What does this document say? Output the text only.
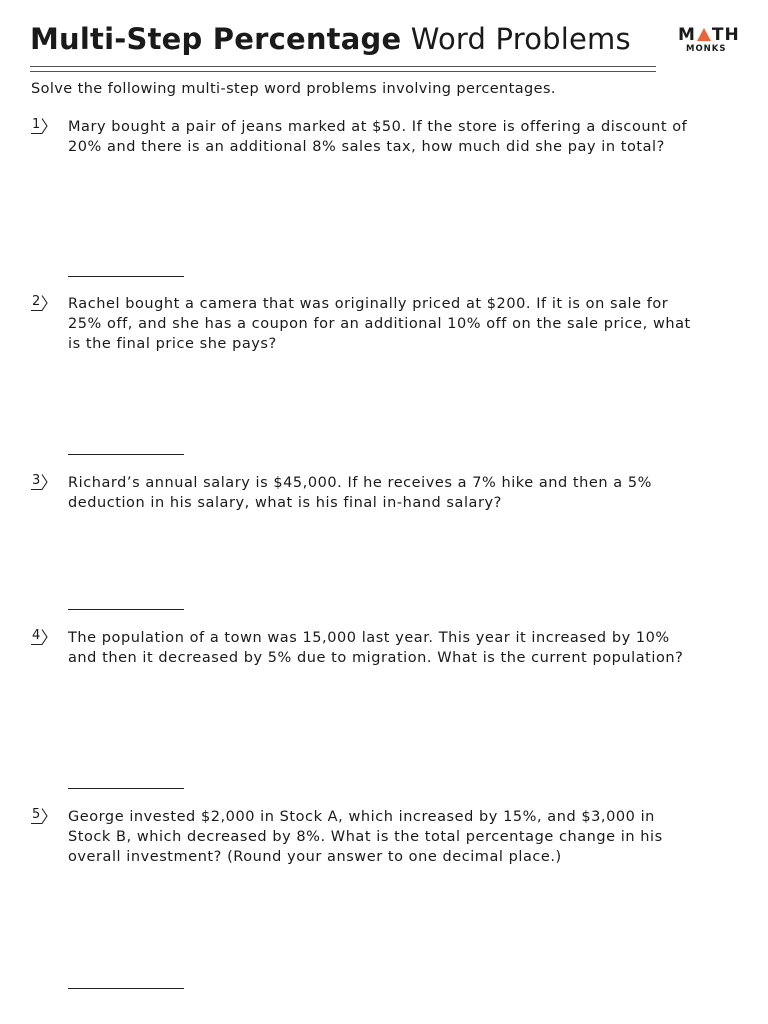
Multi-Step Percentage Word Problems	M TH
MONKS
Solve the following multi-step word problems involving percentages.
1 Mary bought a pair of jeans marked at $50. If the store is offering a discount of
20% and there is an additional 8% sales tax, how much did she pay in total?
2 Rachel bought a camera that was originally priced at $200. If it is on sale for
25% off, and she has a coupon for an additional 10% off on the sale price, what
is the final price she pays?
3 Richard’s annual salary is $45,000. If he receives a 7% hike and then a 5%
deduction in his salary, what is his final in-hand salary?
4 The population of a town was 15,000 last year. This year it increased by 10%
and then it decreased by 5% due to migration. What is the current population?
5 George invested $2,000 in Stock A, which increased by 15%, and $3,000 in
Stock B, which decreased by 8%. What is the total percentage change in his
overall investment? (Round your answer to one decimal place.)
